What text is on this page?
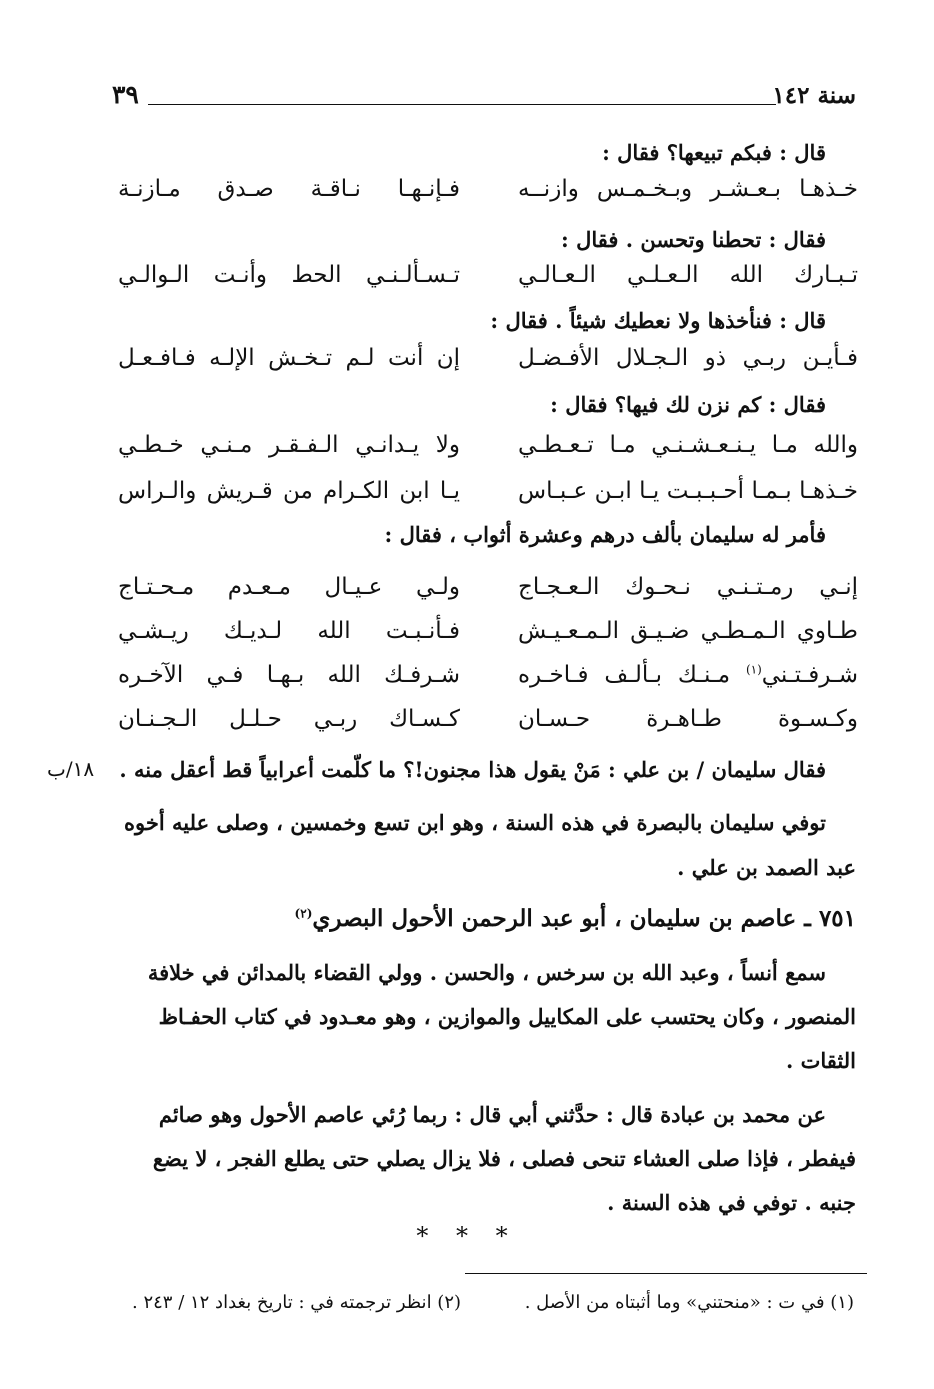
سنة ١٤٢
٣٩
قال : فبكم تبيعها؟ فقال :
خـذهـا بـعـشـر وبـخـمـس وازنــه
فـإنـهـا نـاقـة صـدق مـازنـة
فقال : تحطنا وتحسن . فقال :
تـبـارك الله الـعـلـي الـعـالـي
تـسـألـنـي الحط وأنـت الـوالـي
قال : فنأخذها ولا نعطيك شيئاً . فقال :
فـأيـن ربـي ذو الـجـلال الأفـضـل
إن أنت لـم تـخـش الإلـه فـافـعـل
فقال : كم نزن لك فيها؟ فقال :
والله مـا يـنـعـشـنـي مـا تـعـطـي
ولا يـدانـي الـفـقـر مـنـي خـطـي
خـذهـا بـمـا أحـبـبـت يـا ابـن عـبـاس
يـا ابن الكـرام من قـريش والـراس
فأمر له سليمان بألف درهم وعشرة أثواب ، فقال :
إنـي رمـتـنـي نـحـوك الـعـجـاج
ولـي عـيـال مـعـدم مـحـتـاج
طـاوي الـمـطـي ضـيـق الـمـعـيـش
فـأنـبـت الله لـديـك ريـشـي
شـرفـتـني$^{(١)}$ مـنـك بـألـف فـاخـره
شـرفـك الله بـهـا فـي الآخـره
وكـسـوة طـاهـرة حـسـان
كـسـاك ربـي حـلـل الـجـنـان
فقال سليمان / بن علي : مَنْ يقول هذا مجنون!؟ ما كلّمت أعرابياً قط أعقل منه .
١٨/ب
توفي سليمان بالبصرة في هذه السنة ، وهو ابن تسع وخمسين ، وصلى عليه أخوه
عبد الصمد بن علي .
٧٥١ ـ عاصم بن سليمان ، أبو عبد الرحمن الأحول البصري$^{(٢)}$
سمع أنساً ، وعبد الله بن سرخس ، والحسن . وولي القضاء بالمدائن في خلافة
المنصور ، وكان يحتسب على المكاييل والموازين ، وهو معـدود في كتاب الحفـاظ
الثقات .
عن محمد بن عبادة قال : حدَّثني أبي قال : ربما رُئي عاصم الأحول وهو صائم
فيفطر ، فإذا صلى العشاء تنحى فصلى ، فلا يزال يصلي حتى يطلع الفجر ، لا يضع
جنبه . توفي في هذه السنة .
* * *
(١) في ت : «منحتني» وما أثبتاه من الأصل .
(٢) انظر ترجمته في : تاريخ بغداد ١٢ / ٢٤٣ .
